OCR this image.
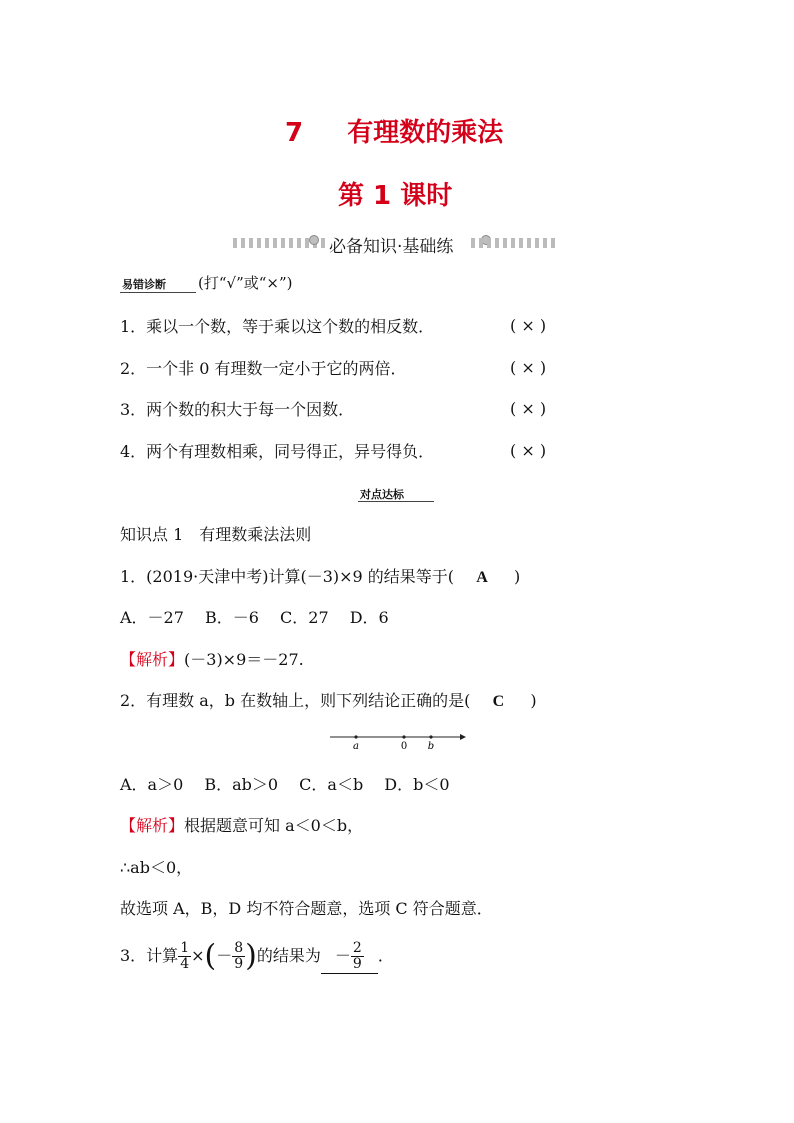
7 有理数的乘法
第 1 课时
必备知识·基础练
易错诊断 (打“√”或“×”)
1．乘以一个数，等于乘以这个数的相反数．	( × )
2．一个非 0 有理数一定小于它的两倍．	( × )
3．两个数的积大于每一个因数．	( × )
4．两个有理数相乘，同号得正，异号得负．	( × )
对点达标
知识点 1　有理数乘法法则
1．(2019·天津中考)计算(－3)×9 的结果等于( A )
A．－27　 B．－6　 C．27　 D．6
【解析】(－3)×9＝－27.
2．有理数 a，b 在数轴上，则下列结论正确的是( C )
a	0 b
A．a＞0　 B．ab＞0　 C．a＜b　 D．b＜0
【解析】根据题意可知 a＜0＜b，
∴ab＜0，
故选项 A，B，D 均不符合题意，选项 C 符合题意．
3．计算 $\frac{1}{4}$ ×(－ $\frac{8}{9}$ )的结果为 － $\frac{2}{9}$ ．
